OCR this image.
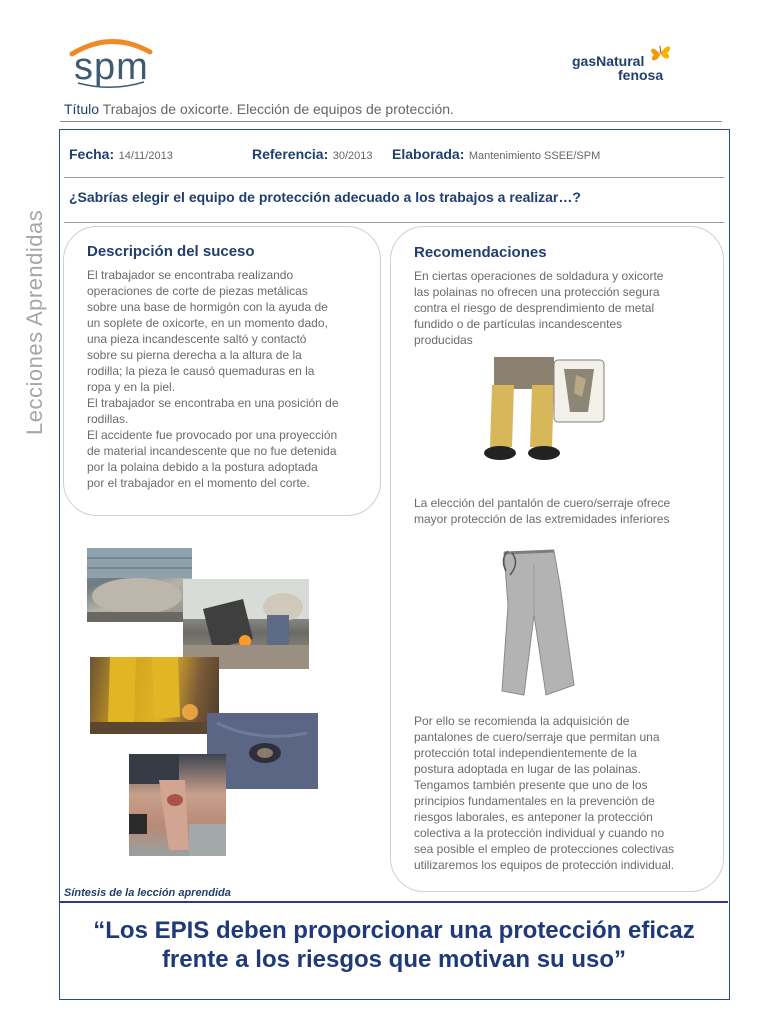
spm	gasNatural
fenosa
Título Trabajos de oxicorte. Elección de equipos de protección.
Lecciones Aprendidas
Fecha: 14/11/2013	Referencia: 30/2013 Elaborada: Mantenimiento SSEE/SPM
¿Sabrías elegir el equipo de protección adecuado a los trabajos a realizar…?
Descripción del suceso
El trabajador se encontraba realizando
operaciones de corte de piezas metálicas
sobre una base de hormigón con la ayuda de
un soplete de oxicorte, en un momento dado,
una pieza incandescente saltó y contactó
sobre su pierna derecha a la altura de la
rodilla; la pieza le causó quemaduras en la
ropa y en la piel.
El trabajador se encontraba en una posición de
rodillas.
El accidente fue provocado por una proyección
de material incandescente que no fue detenida
por la polaina debido a la postura adoptada
por el trabajador en el momento del corte.
Recomendaciones
En ciertas operaciones de soldadura y oxicorte
las polainas no ofrecen una protección segura
contra el riesgo de desprendimiento de metal
fundido o de partículas incandescentes
producidas
La elección del pantalón de cuero/serraje ofrece
mayor protección de las extremidades inferiores
Por ello se recomienda la adquisición de
pantalones de cuero/serraje que permitan una
protección total independientemente de la
postura adoptada en lugar de las polainas.
Tengamos también presente que uno de los
principios fundamentales en la prevención de
riesgos laborales, es anteponer la protección
colectiva a la protección individual y cuando no
sea posible el empleo de protecciones colectivas
utilizaremos los equipos de protección individual.
Síntesis de la lección aprendida
“Los EPIS deben proporcionar una protección eficaz frente a los riesgos que motivan su uso”
